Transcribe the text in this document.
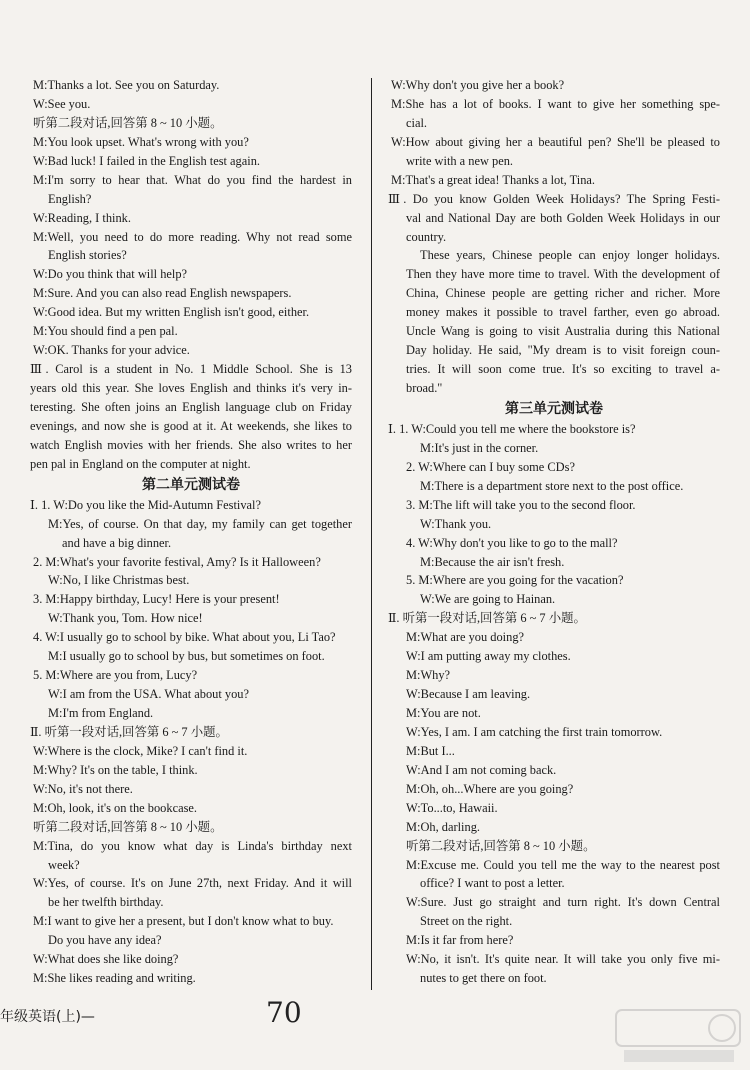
M:Thanks a lot. See you on Saturday.
W:See you.
听第二段对话,回答第 8 ~ 10 小题。
M:You look upset. What's wrong with you?
W:Bad luck! I failed in the English test again.
M:I'm sorry to hear that. What do you find the hardest in
English?
W:Reading, I think.
M:Well, you need to do more reading. Why not read some
English stories?
W:Do you think that will help?
M:Sure. And you can also read English newspapers.
W:Good idea. But my written English isn't good, either.
M:You should find a pen pal.
W:OK. Thanks for your advice.
Ⅲ. Carol is a student in No. 1 Middle School. She is 13
years old this year. She loves English and thinks it's very in-
teresting. She often joins an English language club on Friday
evenings, and now she is good at it. At weekends, she likes to
watch English movies with her friends. She also writes to her
pen pal in England on the computer at night.
第二单元测试卷
Ⅰ. 1. W:Do you like the Mid-Autumn Festival?
M:Yes, of course. On that day, my family can get together
and have a big dinner.
2. M:What's your favorite festival, Amy? Is it Halloween?
W:No, I like Christmas best.
3. M:Happy birthday, Lucy! Here is your present!
W:Thank you, Tom. How nice!
4. W:I usually go to school by bike. What about you, Li Tao?
M:I usually go to school by bus, but sometimes on foot.
5. M:Where are you from, Lucy?
W:I am from the USA. What about you?
M:I'm from England.
Ⅱ. 听第一段对话,回答第 6 ~ 7 小题。
W:Where is the clock, Mike? I can't find it.
M:Why? It's on the table, I think.
W:No, it's not there.
M:Oh, look, it's on the bookcase.
听第二段对话,回答第 8 ~ 10 小题。
M:Tina, do you know what day is Linda's birthday next
week?
W:Yes, of course. It's on June 27th, next Friday. And it will
be her twelfth birthday.
M:I want to give her a present, but I don't know what to buy.
Do you have any idea?
W:What does she like doing?
M:She likes reading and writing.
W:Why don't you give her a book?
M:She has a lot of books. I want to give her something spe-
cial.
W:How about giving her a beautiful pen? She'll be pleased to
write with a new pen.
M:That's a great idea! Thanks a lot, Tina.
Ⅲ. Do you know Golden Week Holidays? The Spring Festi-
val and National Day are both Golden Week Holidays in our
country.
These years, Chinese people can enjoy longer holidays.
Then they have more time to travel. With the development of
China, Chinese people are getting richer and richer. More
money makes it possible to travel farther, even go abroad.
Uncle Wang is going to visit Australia during this National
Day holiday. He said, "My dream is to visit foreign coun-
tries. It will soon come true. It's so exciting to travel a-
broad."
第三单元测试卷
Ⅰ. 1. W:Could you tell me where the bookstore is?
M:It's just in the corner.
2. W:Where can I buy some CDs?
M:There is a department store next to the post office.
3. M:The lift will take you to the second floor.
W:Thank you.
4. W:Why don't you like to go to the mall?
M:Because the air isn't fresh.
5. M:Where are you going for the vacation?
W:We are going to Hainan.
Ⅱ. 听第一段对话,回答第 6 ~ 7 小题。
M:What are you doing?
W:I am putting away my clothes.
M:Why?
W:Because I am leaving.
M:You are not.
W:Yes, I am. I am catching the first train tomorrow.
M:But I...
W:And I am not coming back.
M:Oh, oh...Where are you going?
W:To...to, Hawaii.
M:Oh, darling.
听第二段对话,回答第 8 ~ 10 小题。
M:Excuse me. Could you tell me the way to the nearest post
office? I want to post a letter.
W:Sure. Just go straight and turn right. It's down Central
Street on the right.
M:Is it far from here?
W:No, it isn't. It's quite near. It will take you only five mi-
nutes to get there on foot.
年级英语(上)—	70
